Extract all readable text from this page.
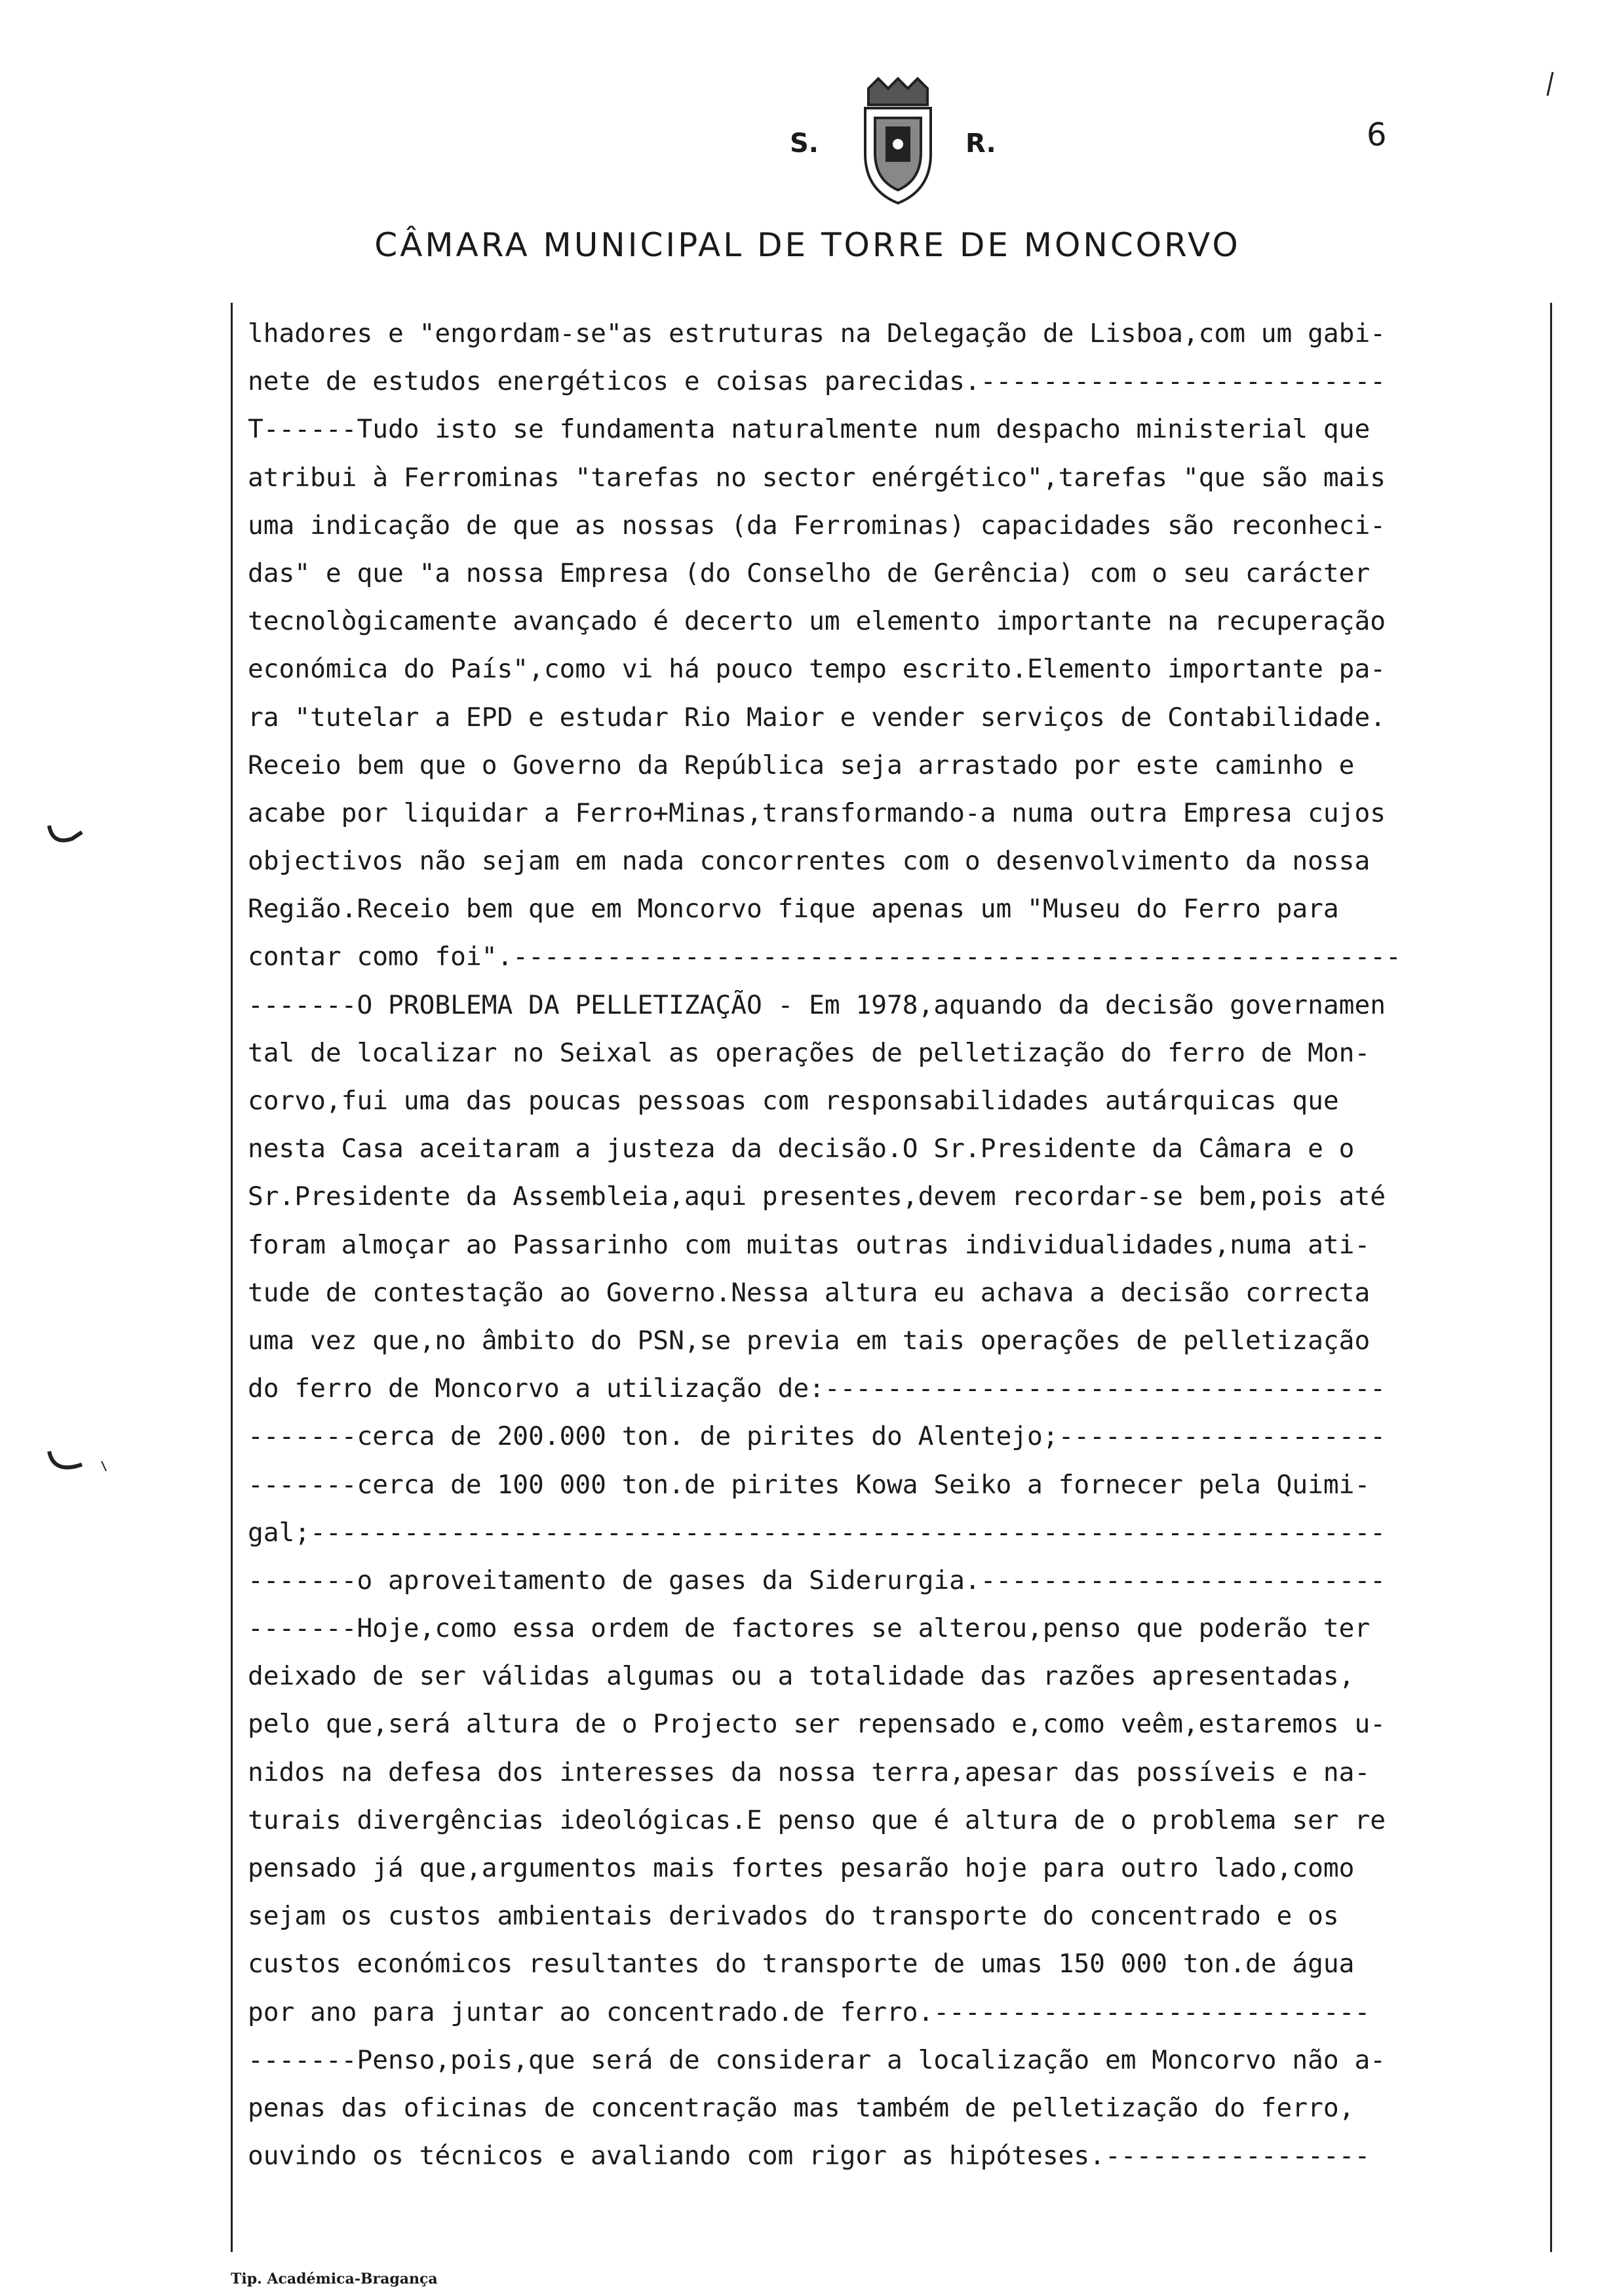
S.	R.	6
CÂMARA MUNICIPAL DE TORRE DE MONCORVO
lhadores e "engordam-se"as estruturas na Delegação de Lisboa,com um gabi-
nete de estudos energéticos e coisas parecidas.--------------------------
T------Tudo isto se fundamenta naturalmente num despacho ministerial que
atribui à Ferrominas "tarefas no sector enérgético",tarefas "que são mais
uma indicação de que as nossas (da Ferrominas) capacidades são reconheci-
das" e que "a nossa Empresa (do Conselho de Gerência) com o seu carácter
tecnològicamente avançado é decerto um elemento importante na recuperação
económica do País",como vi há pouco tempo escrito.Elemento importante pa-
ra "tutelar a EPD e estudar Rio Maior e vender serviços de Contabilidade.
Receio bem que o Governo da República seja arrastado por este caminho e
acabe por liquidar a Ferro+Minas,transformando-a numa outra Empresa cujos
objectivos não sejam em nada concorrentes com o desenvolvimento da nossa
Região.Receio bem que em Moncorvo fique apenas um "Museu do Ferro para
contar como foi".---------------------------------------------------------
-------O PROBLEMA DA PELLETIZAÇÃO - Em 1978,aquando da decisão governamen
tal de localizar no Seixal as operações de pelletização do ferro de Mon-
corvo,fui uma das poucas pessoas com responsabilidades autárquicas que
nesta Casa aceitaram a justeza da decisão.O Sr.Presidente da Câmara e o
Sr.Presidente da Assembleia,aqui presentes,devem recordar-se bem,pois até
foram almoçar ao Passarinho com muitas outras individualidades,numa ati-
tude de contestação ao Governo.Nessa altura eu achava a decisão correcta
uma vez que,no âmbito do PSN,se previa em tais operações de pelletização
do ferro de Moncorvo a utilização de:------------------------------------
-------cerca de 200.000 ton. de pirites do Alentejo;---------------------
-------cerca de 100 000 ton.de pirites Kowa Seiko a fornecer pela Quimi-
gal;---------------------------------------------------------------------
-------o aproveitamento de gases da Siderurgia.--------------------------
-------Hoje,como essa ordem de factores se alterou,penso que poderão ter
deixado de ser válidas algumas ou a totalidade das razões apresentadas,
pelo que,será altura de o Projecto ser repensado e,como veêm,estaremos u-
nidos na defesa dos interesses da nossa terra,apesar das possíveis e na-
turais divergências ideológicas.E penso que é altura de o problema ser re
pensado já que,argumentos mais fortes pesarão hoje para outro lado,como
sejam os custos ambientais derivados do transporte do concentrado e os
custos económicos resultantes do transporte de umas 150 000 ton.de água
por ano para juntar ao concentrado.de ferro.----------------------------
-------Penso,pois,que será de considerar a localização em Moncorvo não a-
penas das oficinas de concentração mas também de pelletização do ferro,
ouvindo os técnicos e avaliando com rigor as hipóteses.-----------------
Tip. Académica-Bragança
